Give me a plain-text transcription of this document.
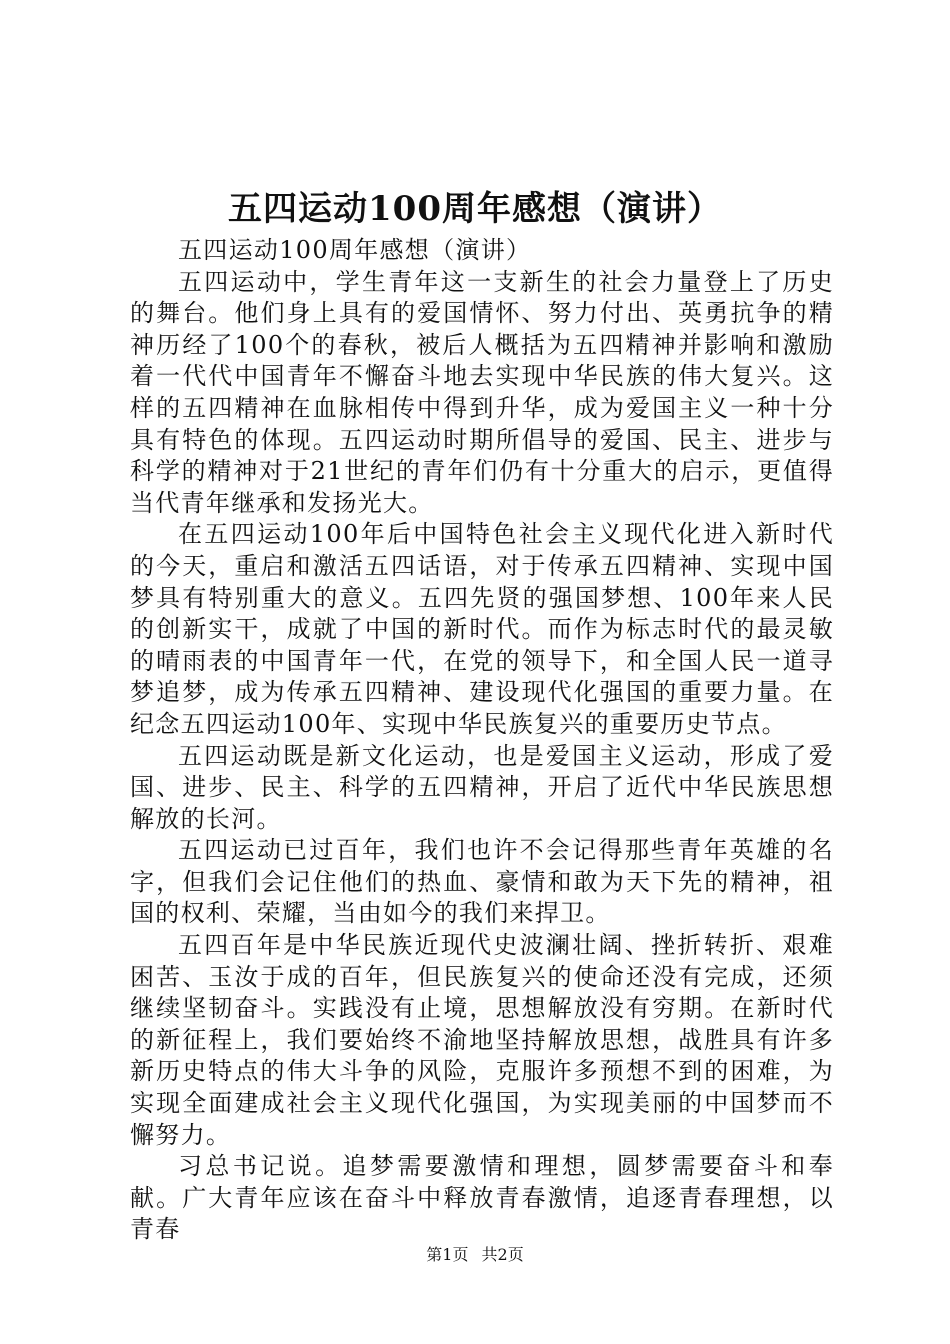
五四运动100周年感想（演讲）

五四运动100周年感想（演讲）

五四运动中，学生青年这一支新生的社会力量登上了历史的舞台。他们身上具有的爱国情怀、努力付出、英勇抗争的精神历经了100个的春秋，被后人概括为五四精神并影响和激励着一代代中国青年不懈奋斗地去实现中华民族的伟大复兴。这样的五四精神在血脉相传中得到升华，成为爱国主义一种十分具有特色的体现。五四运动时期所倡导的爱国、民主、进步与科学的精神对于21世纪的青年们仍有十分重大的启示，更值得当代青年继承和发扬光大。

在五四运动100年后中国特色社会主义现代化进入新时代的今天，重启和激活五四话语，对于传承五四精神、实现中国梦具有特别重大的意义。五四先贤的强国梦想、100年来人民的创新实干，成就了中国的新时代。而作为标志时代的最灵敏的晴雨表的中国青年一代，在党的领导下，和全国人民一道寻梦追梦，成为传承五四精神、建设现代化强国的重要力量。在纪念五四运动100年、实现中华民族复兴的重要历史节点。

五四运动既是新文化运动，也是爱国主义运动，形成了爱国、进步、民主、科学的五四精神，开启了近代中华民族思想解放的长河。

五四运动已过百年，我们也许不会记得那些青年英雄的名字，但我们会记住他们的热血、豪情和敢为天下先的精神，祖国的权利、荣耀，当由如今的我们来捍卫。

五四百年是中华民族近现代史波澜壮阔、挫折转折、艰难困苦、玉汝于成的百年，但民族复兴的使命还没有完成，还须继续坚韧奋斗。实践没有止境，思想解放没有穷期。在新时代的新征程上，我们要始终不渝地坚持解放思想，战胜具有许多新历史特点的伟大斗争的风险，克服许多预想不到的困难，为实现全面建成社会主义现代化强国，为实现美丽的中国梦而不懈努力。

习总书记说。追梦需要激情和理想，圆梦需要奋斗和奉献。广大青年应该在奋斗中释放青春激情，追逐青春理想，以青春

第1页 共2页
